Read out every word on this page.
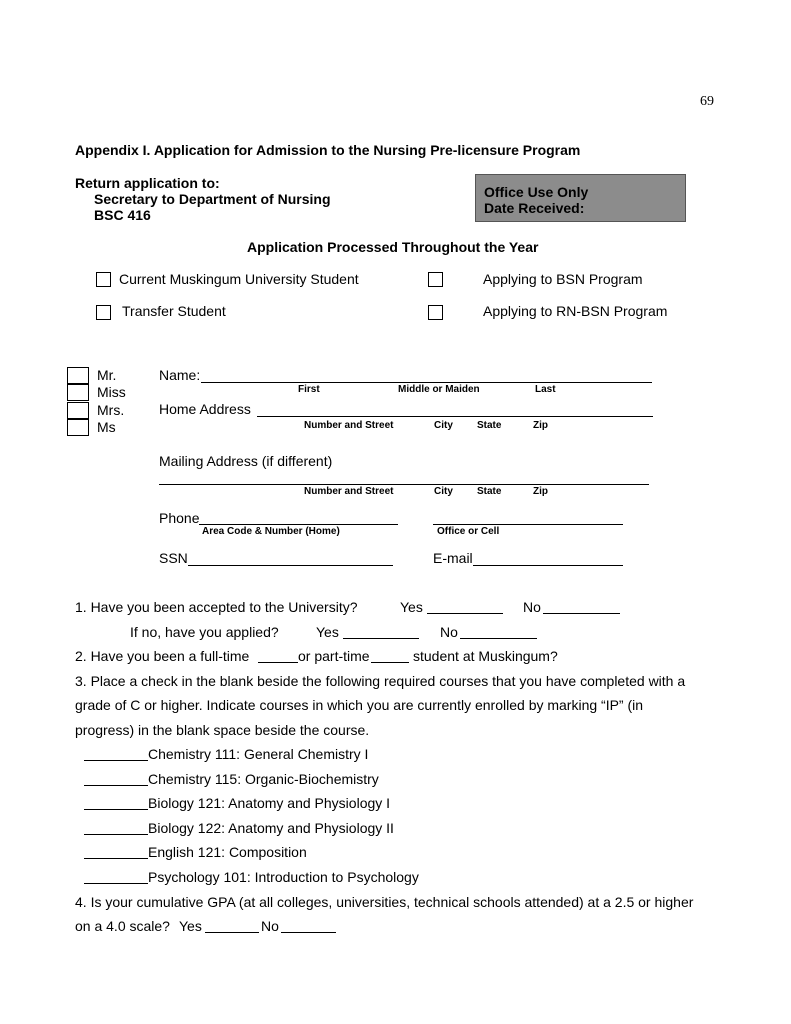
69
Appendix I. Application for Admission to the Nursing Pre-licensure Program
Return application to:
Secretary to Department of Nursing
BSC 416
Office Use Only
Date Received:
Application Processed Throughout the Year
Current Muskingum University Student	Applying to BSN Program
Transfer Student	Applying to RN-BSN Program
Mr.
Miss
Mrs.
Ms
Name:
First	Middle or Maiden	Last
Home Address
Number and Street	City State	Zip
Mailing Address (if different)
Number and Street	City State	Zip
Phone
Area Code & Number (Home)	Office or Cell
SSN	E-mail
1. Have you been accepted to the University?	Yes	No
If no, have you applied?	Yes	No
2. Have you been a full-time	or part-time	student at Muskingum?
3. Place a check in the blank beside the following required courses that you have completed with a
grade of C or higher. Indicate courses in which you are currently enrolled by marking “IP” (in
progress) in the blank space beside the course.
Chemistry 111: General Chemistry I
Chemistry 115: Organic-Biochemistry
Biology 121: Anatomy and Physiology I
Biology 122: Anatomy and Physiology II
English 121: Composition
Psychology 101: Introduction to Psychology
4. Is your cumulative GPA (at all colleges, universities, technical schools attended) at a 2.5 or higher
on a 4.0 scale? Yes	No
